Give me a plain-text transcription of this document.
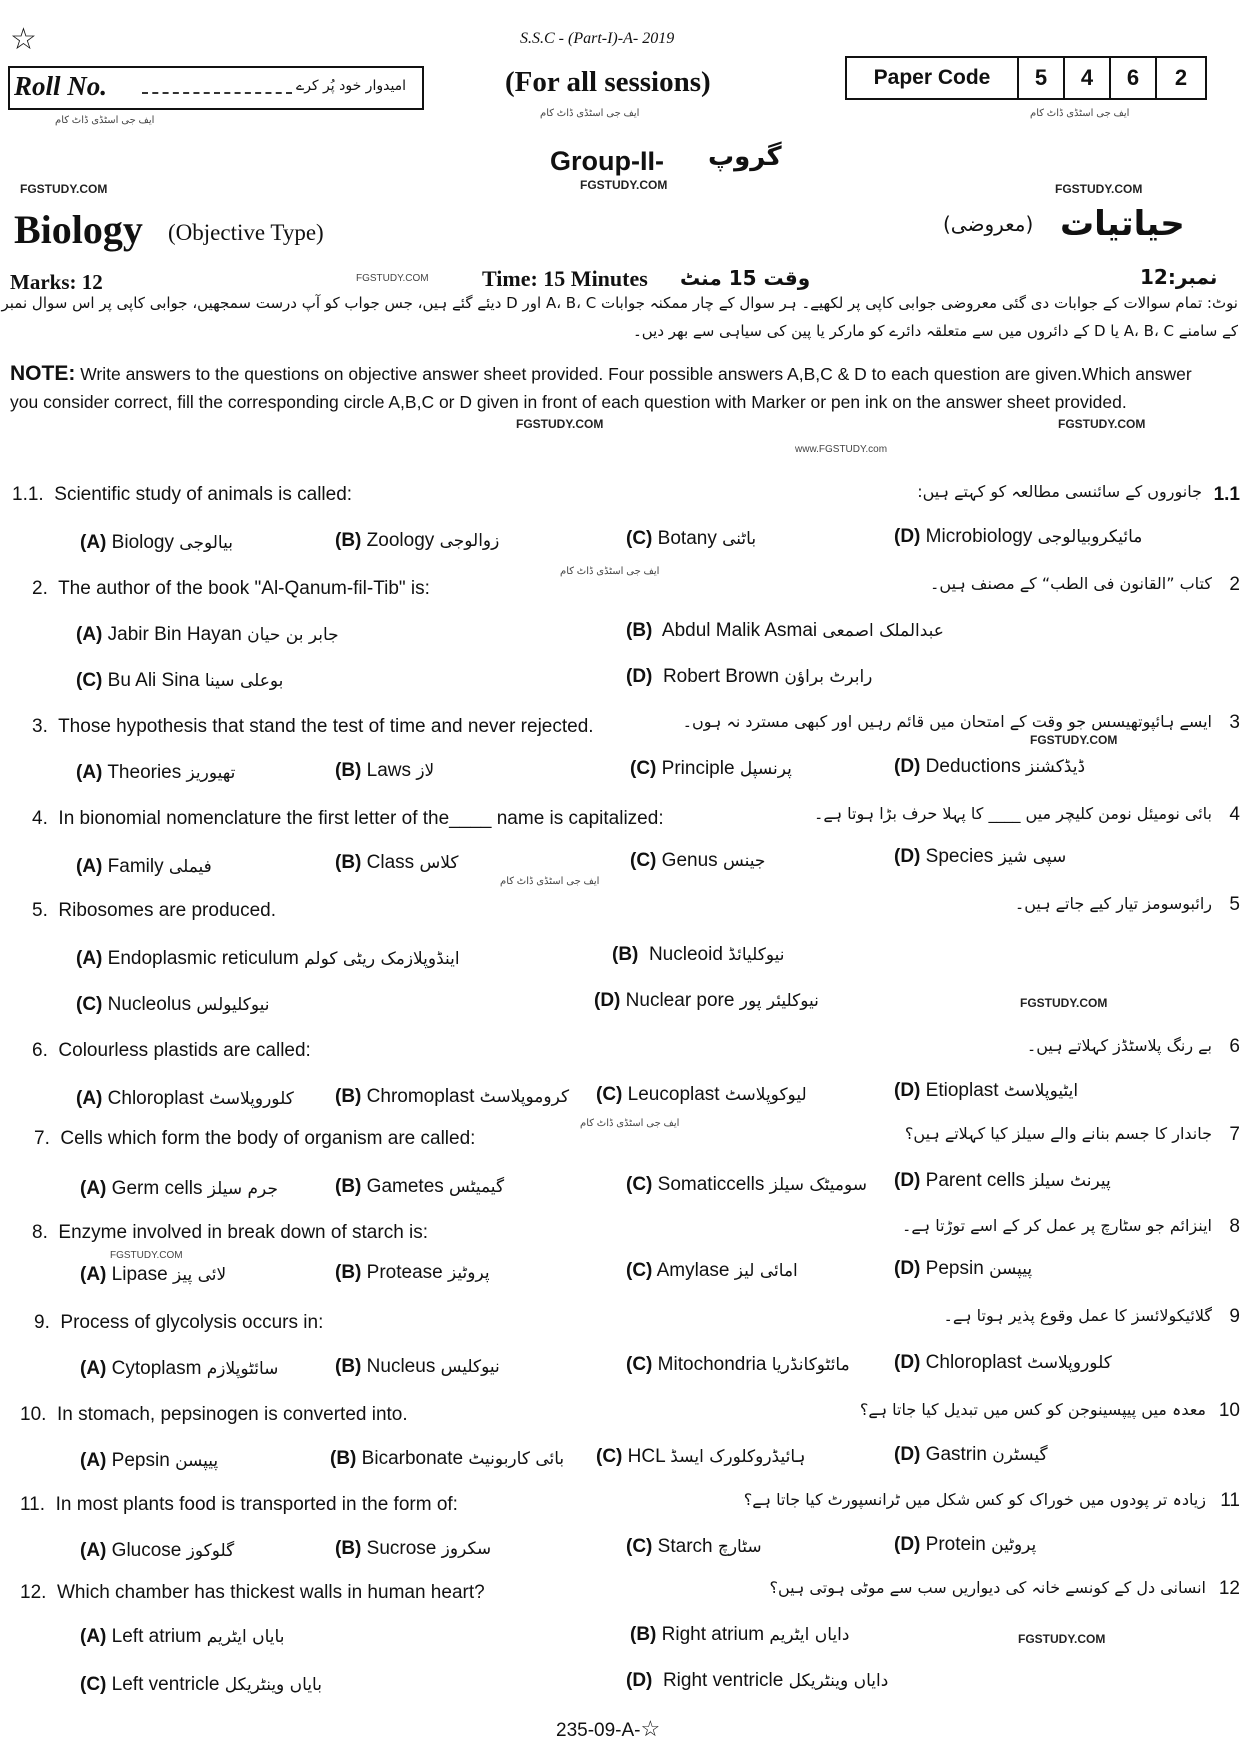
☆	S.S.C - (Part-I)-A- 2019
Roll No.	امیدوار خود پُر کرے
ایف جی اسٹڈی ڈاٹ کام
(For all sessions)
ایف جی اسٹڈی ڈاٹ کام
Paper Code	5	4	6	2
ایف جی اسٹڈی ڈاٹ کام
Group-II- گروپ
FGSTUDY.COM	FGSTUDY.COM	FGSTUDY.COM
Biology (Objective Type)	(معروضی) حیاتیات
Marks: 12	FGSTUDY.COM Time: 15 Minutes وقت 15 منٹ	نمبر:12
نوٹ: تمام سوالات کے جوابات دی گئی معروضی جوابی کاپی پر لکھیے۔ ہر سوال کے چار ممکنہ جوابات A، B، C اور D دیئے گئے ہیں، جس جواب کو آپ درست سمجھیں، جوابی کاپی پر اس سوال نمبر
کے سامنے A، B، C یا D کے دائروں میں سے متعلقہ دائرے کو مارکر یا پین کی سیاہی سے بھر دیں۔
NOTE: Write answers to the questions on objective answer sheet provided. Four possible answers A,B,C & D to each question are given.Which answer you consider correct, fill the corresponding circle A,B,C or D given in front of each question with Marker or pen ink on the answer sheet provided.
FGSTUDY.COM	FGSTUDY.COM
www.FGSTUDY.com
1.1. Scientific study of animals is called:	جانوروں کے سائنسی مطالعہ کو کہتے ہیں: 1.1
(A) Biology بیالوجی	(B) Zoology زوالوجی	(C) Botany باٹنی	(D) Microbiology مائیکروبیالوجی
2. The author of the book "Al-Qanum-fil-Tib" is:	کتاب ”القانون فی الطب“ کے مصنف ہیں۔ 2
ایف جی اسٹڈی ڈاٹ کام
(A) Jabir Bin Hayan جابر بن حیان	(B) Abdul Malik Asmai عبدالملک اصمعی
(C) Bu Ali Sina بوعلی سینا	(D) Robert Brown رابرٹ براؤن
3. Those hypothesis that stand the test of time and never rejected.	ایسے ہائپوتھیسس جو وقت کے امتحان میں قائم رہیں اور کبھی مسترد نہ ہوں۔ 3
FGSTUDY.COM
(A) Theories تھیوریز	(B) Laws لاز	(C) Principle پرنسپل	(D) Deductions ڈیڈکشنز
4. In bionomial nomenclature the first letter of the____ name is capitalized:	بائی نومیئل نومن کلیچر میں ____ کا پہلا حرف بڑا ہوتا ہے۔ 4
(A) Family فیملی	(B) Class کلاس	(C) Genus جینس	(D) Species سپی شیز
ایف جی اسٹڈی ڈاٹ کام
5. Ribosomes are produced.	رائبوسومز تیار کیے جاتے ہیں۔ 5
(A) Endoplasmic reticulum اینڈوپلازمک ریٹی کولم	(B) Nucleoid نیوکلیائڈ
(C) Nucleolus نیوکلیولس	(D) Nuclear pore نیوکلیئر پور	FGSTUDY.COM
6. Colourless plastids are called:	بے رنگ پلاسٹڈز کہلاتے ہیں۔ 6
(A) Chloroplast کلوروپلاسٹ (B) Chromoplast کروموپلاسٹ (C) Leucoplast لیوکوپلاسٹ	(D) Etioplast ایٹیوپلاسٹ
7. Cells which form the body of organism are called:	جاندار کا جسم بنانے والے سیلز کیا کہلاتے ہیں؟ 7
ایف جی اسٹڈی ڈاٹ کام
(A) Germ cells جرم سیلز	(B) Gametes گیمیٹس	(C) Somaticcells سومیٹک سیلز (D) Parent cells پیرنٹ سیلز
8. Enzyme involved in break down of starch is:	اینزائم جو سٹارچ پر عمل کر کے اسے توڑتا ہے۔ 8
FGSTUDY.COM
(A) Lipase لائی پیز	(B) Protease پروٹیز	(C) Amylase امائی لیز	(D) Pepsin پیپسن
9. Process of glycolysis occurs in:	گلائیکولائسز کا عمل وقوع پذیر ہوتا ہے۔ 9
(A) Cytoplasm سائٹوپلازم	(B) Nucleus نیوکلیس	(C) Mitochondria مائٹوکانڈریا (D) Chloroplast کلوروپلاسٹ
10. In stomach, pepsinogen is converted into.	معدہ میں پیپسینوجن کو کس میں تبدیل کیا جاتا ہے؟ 10
(A) Pepsin پیپسن	(B) Bicarbonate بائی کاربونیٹ (C) HCL ہائیڈروکلورک ایسڈ	(D) Gastrin گیسٹرن
11. In most plants food is transported in the form of:	زیادہ تر پودوں میں خوراک کو کس شکل میں ٹرانسپورٹ کیا جاتا ہے؟ 11
(A) Glucose گلوکوز	(B) Sucrose سکروز	(C) Starch سٹارچ	(D) Protein پروٹین
12. Which chamber has thickest walls in human heart?	انسانی دل کے کونسے خانہ کی دیواریں سب سے موٹی ہوتی ہیں؟ 12
(A) Left atrium بایاں ایٹریم	(B) Right atrium دایاں ایٹریم	FGSTUDY.COM
(C) Left ventricle بایاں وینٹریکل	(D) Right ventricle دایاں وینٹریکل
235-09-A-☆
